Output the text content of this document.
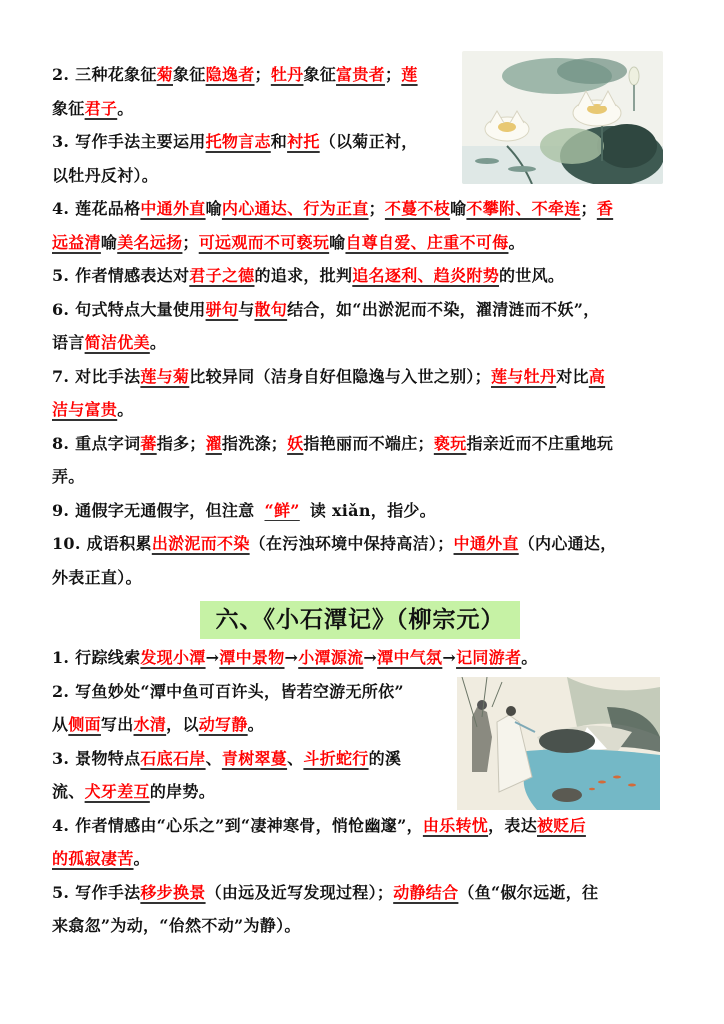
六、《小石潭记》（柳宗元）
2. 三种花象征菊象征隐逸者；牡丹象征富贵者；莲
象征君子。
3. 写作手法主要运用托物言志和衬托（以菊正衬，
以牡丹反衬）。
4. 莲花品格中通外直喻内心通达、行为正直；不蔓不枝喻不攀附、不牵连；香
远益清喻美名远扬；可远观而不可亵玩喻自尊自爱、庄重不可侮。
5. 作者情感表达对君子之德的追求，批判追名逐利、趋炎附势的世风。
6. 句式特点大量使用骈句与散句结合，如“出淤泥而不染，濯清涟而不妖”，
语言简洁优美。
7. 对比手法莲与菊比较异同（洁身自好但隐逸与入世之别）；莲与牡丹对比高
洁与富贵。
8. 重点字词蕃指多；濯指洗涤；妖指艳丽而不端庄；亵玩指亲近而不庄重地玩
弄。
9. 通假字无通假字，但注意 “鲜” 读 xiǎn，指少。
10. 成语积累出淤泥而不染（在污浊环境中保持高洁）；中通外直（内心通达，
外表正直）。
1. 行踪线索发现小潭→潭中景物→小潭源流→潭中气氛→记同游者。
2. 写鱼妙处“潭中鱼可百许头，皆若空游无所依”
从侧面写出水清，以动写静。
3. 景物特点石底石岸、青树翠蔓、斗折蛇行的溪
流、犬牙差互的岸势。
4. 作者情感由“心乐之”到“凄神寒骨，悄怆幽邃”，由乐转忧，表达被贬后
的孤寂凄苦。
5. 写作手法移步换景（由远及近写发现过程）；动静结合（鱼“俶尔远逝，往
来翕忽”为动，“佁然不动”为静）。
